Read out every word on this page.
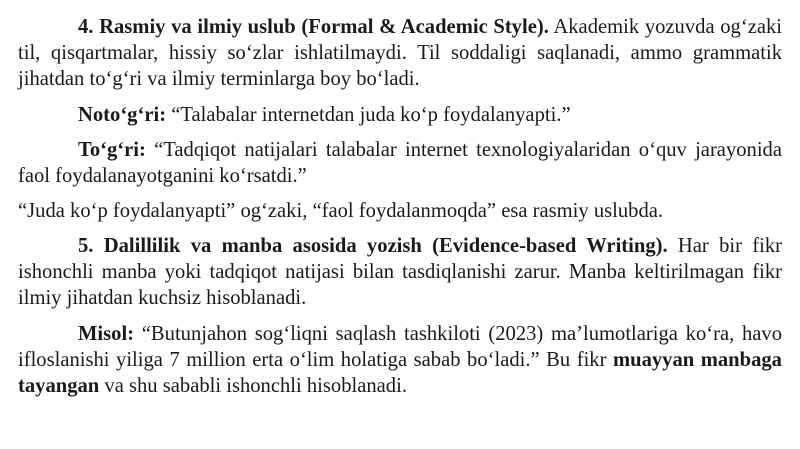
4. Rasmiy va ilmiy uslub (Formal & Academic Style). Akademik yozuvda og‘zaki til, qisqartmalar, hissiy so‘zlar ishlatilmaydi. Til soddaligi saqlanadi, ammo grammatik jihatdan to‘g‘ri va ilmiy terminlarga boy bo‘ladi.

Noto‘g‘ri: “Talabalar internetdan juda ko‘p foydalanyapti.”

To‘g‘ri: “Tadqiqot natijalari talabalar internet texnologiyalaridan o‘quv jarayonida faol foydalanayotganini ko‘rsatdi.”

“Juda ko‘p foydalanyapti” og‘zaki, “faol foydalanmoqda” esa rasmiy uslubda.

5. Dalillilik va manba asosida yozish (Evidence-based Writing). Har bir fikr ishonchli manba yoki tadqiqot natijasi bilan tasdiqlanishi zarur. Manba keltirilmagan fikr ilmiy jihatdan kuchsiz hisoblanadi.

Misol: “Butunjahon sog‘liqni saqlash tashkiloti (2023) ma’lumotlariga ko‘ra, havo ifloslanishi yiliga 7 million erta o‘lim holatiga sabab bo‘ladi.” Bu fikr muayyan manbaga tayangan va shu sababli ishonchli hisoblanadi.
